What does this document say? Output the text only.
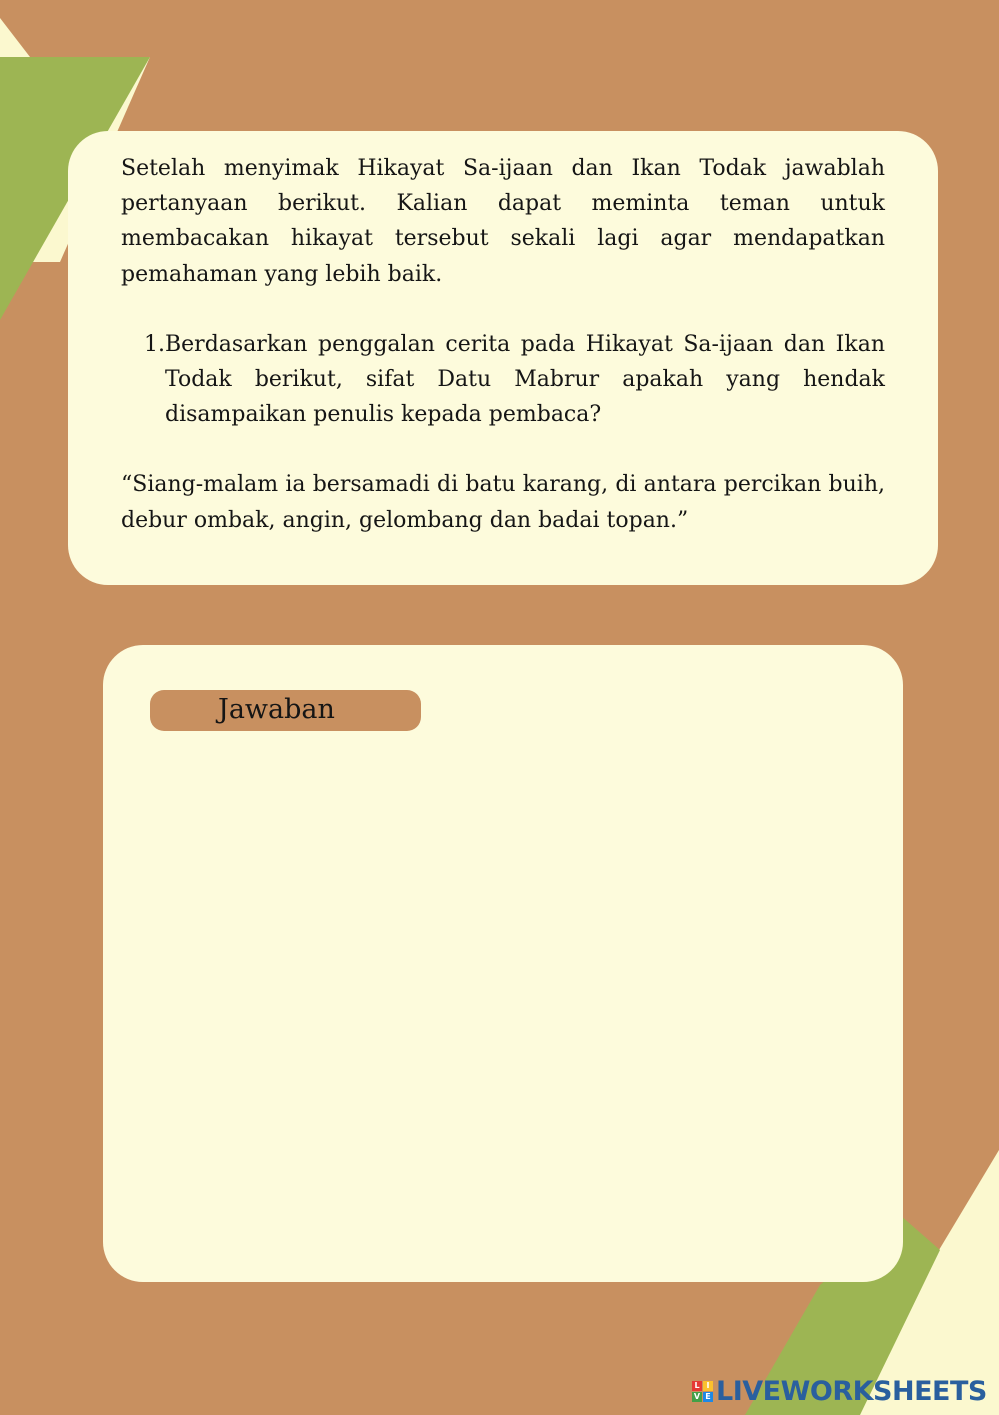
Setelah menyimak Hikayat Sa-ijaan dan Ikan Todak jawablah pertanyaan berikut. Kalian dapat meminta teman untuk membacakan hikayat tersebut sekali lagi agar mendapatkan pemahaman yang lebih baik.

1. Berdasarkan penggalan cerita pada Hikayat Sa-ijaan dan Ikan Todak berikut, sifat Datu Mabrur apakah yang hendak disampaikan penulis kepada pembaca?

“Siang-malam ia bersamadi di batu karang, di antara percikan buih, debur ombak, angin, gelombang dan badai topan.”

Jawaban
L I
V E LIVEWORKSHEETS
